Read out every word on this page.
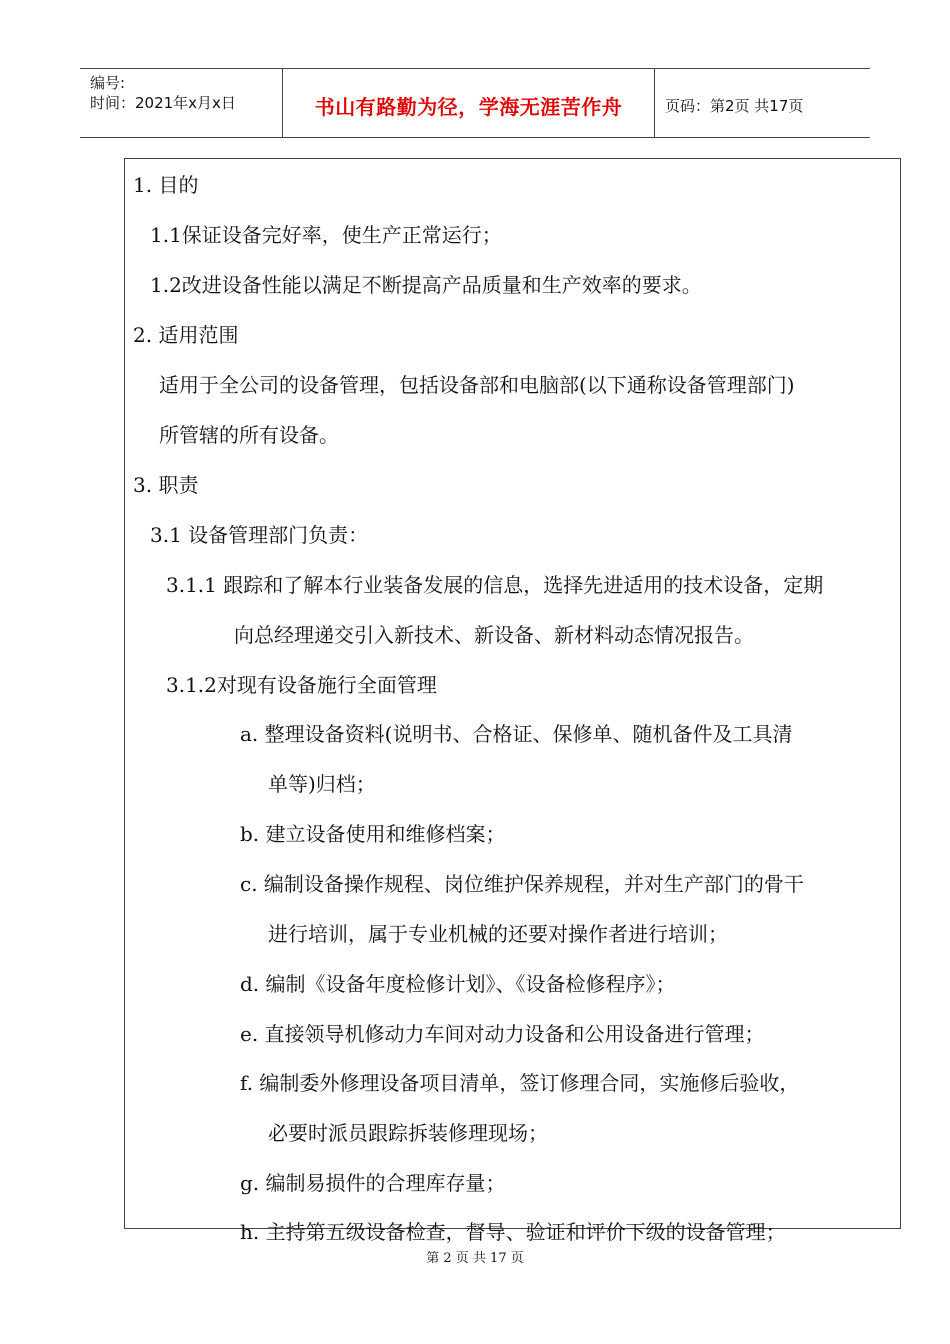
编号:
时间：2021年x月x日	书山有路勤为径，学海无涯苦作舟	页码：第2页 共17页
1. 目的
1.1保证设备完好率，使生产正常运行；
1.2改进设备性能以满足不断提高产品质量和生产效率的要求。
2. 适用范围
适用于全公司的设备管理，包括设备部和电脑部(以下通称设备管理部门)
所管辖的所有设备。
3. 职责
3.1 设备管理部门负责：
3.1.1 跟踪和了解本行业装备发展的信息，选择先进适用的技术设备，定期
向总经理递交引入新技术、新设备、新材料动态情况报告。
3.1.2对现有设备施行全面管理
a. 整理设备资料(说明书、合格证、保修单、随机备件及工具清
单等)归档；
b. 建立设备使用和维修档案；
c. 编制设备操作规程、岗位维护保养规程，并对生产部门的骨干
进行培训，属于专业机械的还要对操作者进行培训；
d. 编制《设备年度检修计划》、《设备检修程序》；
e. 直接领导机修动力车间对动力设备和公用设备进行管理；
f. 编制委外修理设备项目清单，签订修理合同，实施修后验收，
必要时派员跟踪拆装修理现场；
g. 编制易损件的合理库存量；
h. 主持第五级设备检查，督导、验证和评价下级的设备管理；
第 2 页 共 17 页
